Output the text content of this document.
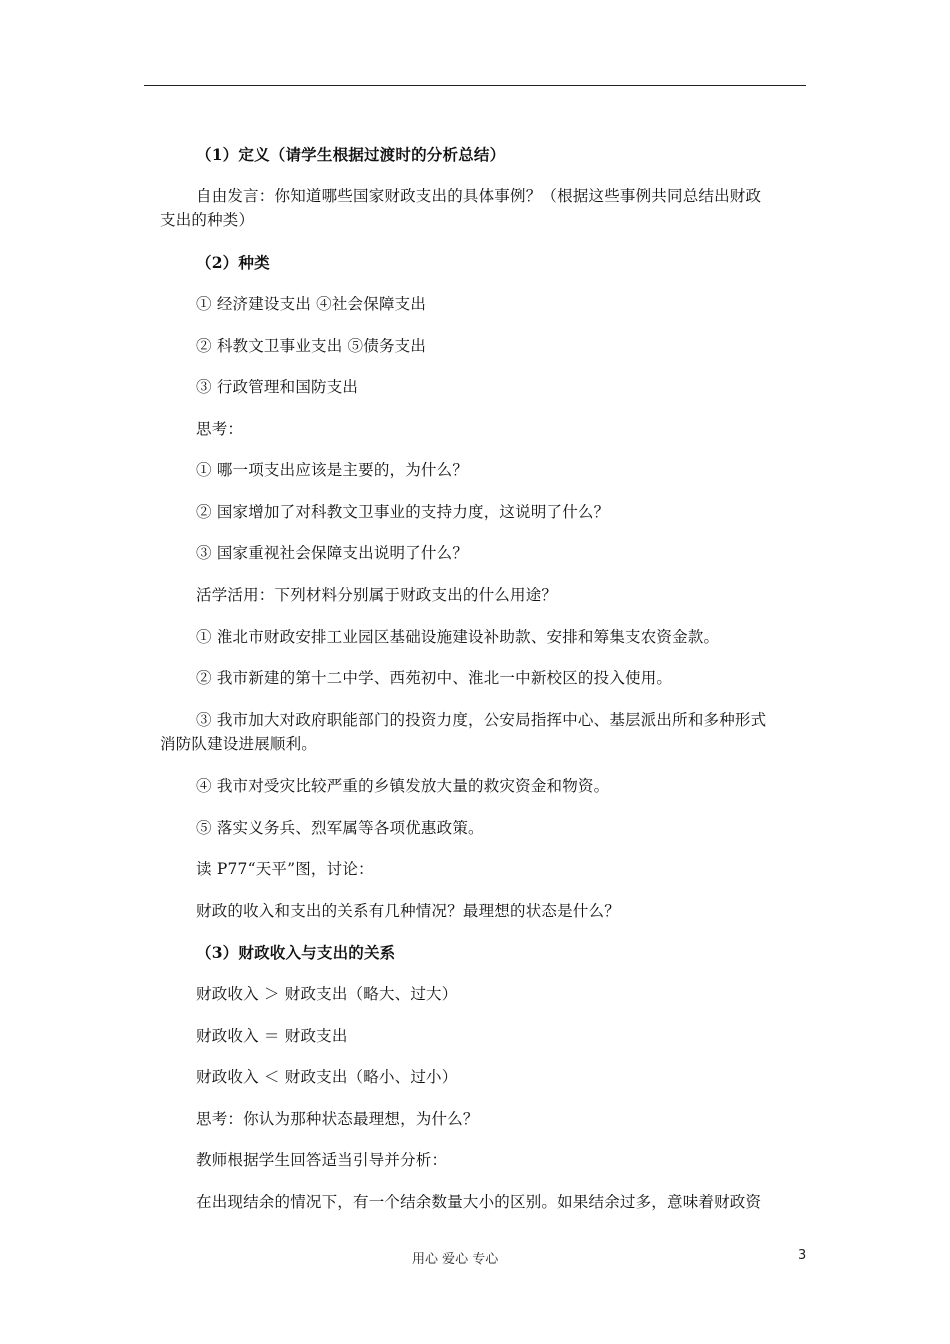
（1）定义（请学生根据过渡时的分析总结）
自由发言：你知道哪些国家财政支出的具体事例？（根据这些事例共同总结出财政
支出的种类）
（2）种类
① 经济建设支出 ④社会保障支出
② 科教文卫事业支出 ⑤债务支出
③ 行政管理和国防支出
思考：
① 哪一项支出应该是主要的，为什么？
② 国家增加了对科教文卫事业的支持力度，这说明了什么？
③ 国家重视社会保障支出说明了什么？
活学活用：下列材料分别属于财政支出的什么用途？
① 淮北市财政安排工业园区基础设施建设补助款、安排和筹集支农资金款。
② 我市新建的第十二中学、西苑初中、淮北一中新校区的投入使用。
③ 我市加大对政府职能部门的投资力度，公安局指挥中心、基层派出所和多种形式
消防队建设进展顺利。
④ 我市对受灾比较严重的乡镇发放大量的救灾资金和物资。
⑤ 落实义务兵、烈军属等各项优惠政策。
读 P77“天平”图，讨论：
财政的收入和支出的关系有几种情况？最理想的状态是什么？
（3）财政收入与支出的关系
财政收入 ＞ 财政支出（略大、过大）
财政收入 ＝ 财政支出
财政收入 ＜ 财政支出（略小、过小）
思考：你认为那种状态最理想，为什么？
教师根据学生回答适当引导并分析：
在出现结余的情况下，有一个结余数量大小的区别。如果结余过多，意味着财政资
用心 爱心 专心	3
